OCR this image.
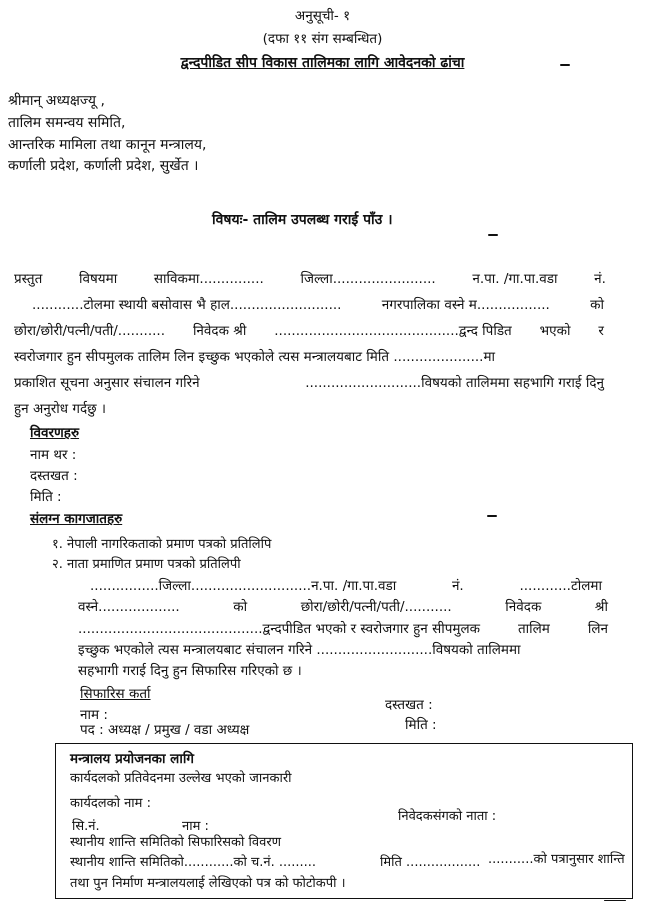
अनुसूची- १
(दफा ११ संग सम्बन्धित)
द्वन्दपीडित सीप विकास तालिमका लागि आवेदनको ढांचा
श्रीमान् अध्यक्षज्यू ,
तालिम समन्वय समिति,
आन्तरिक मामिला तथा कानून मन्त्रालय,
कर्णाली प्रदेश, कर्णाली प्रदेश, सुर्खेत ।
विषयः- तालिम उपलब्ध गराई पाँउ ।
प्रस्तुत	विषयमा	साविकमा...............	जिल्ला........................	न.पा. /गा.पा.वडा	नं.
............टोलमा स्थायी बसोवास भै हाल..........................	नगरपालिका वस्ने म.................	को
छोरा/छोरी/पत्नी/पती/........... निवेदक श्री ...........................................द्वन्द पिडित भएको र
स्वरोजगार हुन सीपमुलक तालिम लिन इच्छुक भएकोले त्यस मन्त्रालयबाट मिति .....................मा
प्रकाशित सूचना अनुसार संचालन गरिने	...........................विषयको तालिममा सहभागि गराई दिनु
हुन अनुरोध गर्दछु ।
विवरणहरु
नाम थर :
दस्तखत :
मिति :
संलग्न कागजातहरु
१. नेपाली नागरिकताको प्रमाण पत्रको प्रतिलिपि
२. नाता प्रमाणित प्रमाण पत्रको प्रतिलिपी
................जिल्ला............................न.पा. /गा.पा.वडा	नं.	............टोलमा
वस्ने...................	को	छोरा/छोरी/पत्नी/पती/...........	निवेदक	श्री
...........................................द्वन्दपीडित भएको र स्वरोजगार हुन सीपमुलक	तालिम	लिन
इच्छुक भएकोले त्यस मन्त्रालयबाट संचालन गरिने ...........................विषयको तालिममा
सहभागी गराई दिनु हुन सिफारिस गरिएको छ ।
सिफारिस कर्ता
नाम :
दस्तखत :
पद : अध्यक्ष / प्रमुख / वडा अध्यक्ष	मिति :
मन्त्रालय प्रयोजनका लागि
कार्यदलको प्रतिवेदनमा उल्लेख भएको जानकारी
कार्यदलको नाम :
सि.नं.	नाम :
निवेदकसंगको नाता :
स्थानीय शान्ति समितिको सिफारिसको विवरण
स्थानीय शान्ति समितिको............को च.नं. .........	मिति .................. ...........को पत्रानुसार शान्ति
तथा पुन निर्माण मन्त्रालयलाई लेखिएको पत्र को फोटोकपी ।
